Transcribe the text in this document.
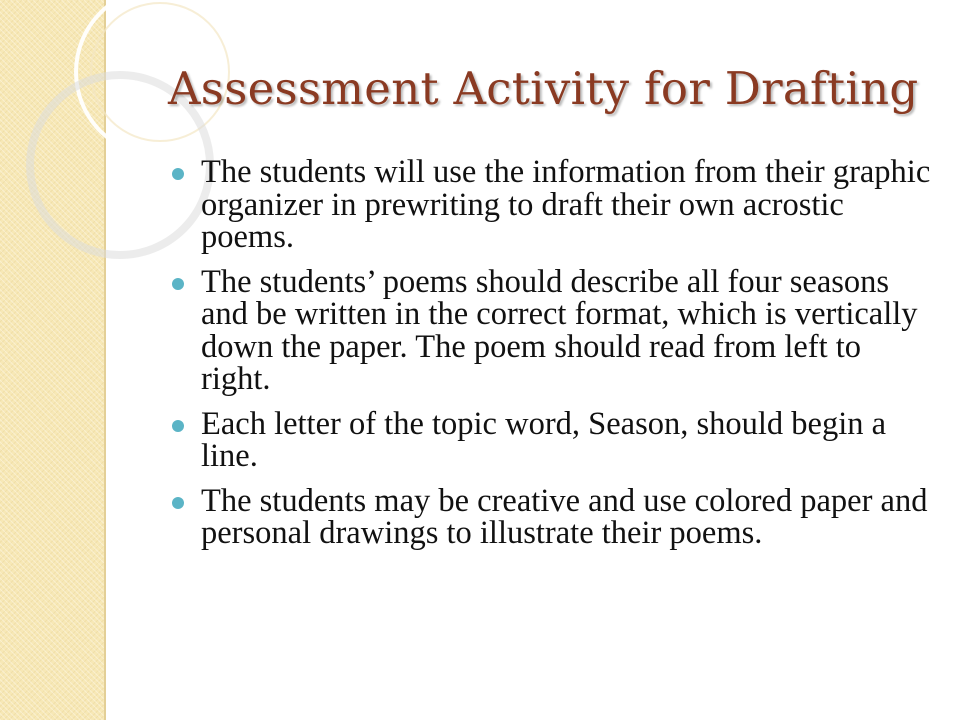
Assessment Activity for Drafting
The students will use the information from their graphic organizer in prewriting to draft their own acrostic poems.
The students’ poems should describe all four seasons and be written in the correct format, which is vertically down the paper. The poem should read from left to right.
Each letter of the topic word, Season, should begin a line.
The students may be creative and use colored paper and personal drawings to illustrate their poems.
